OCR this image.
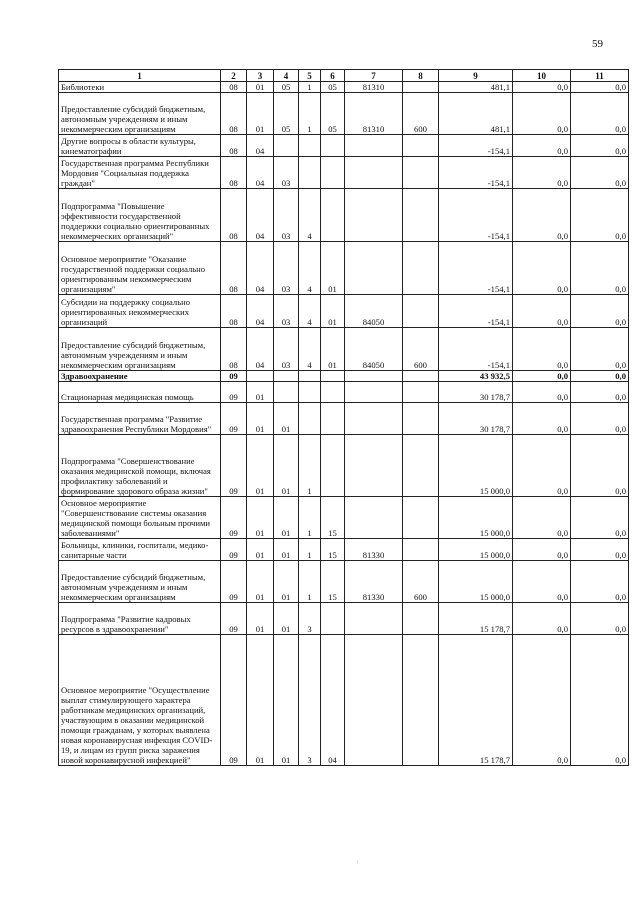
59
1	2	3	4	5	6	7	8	9	10	11
Библиотеки	08	01	05	1	05	81310		481,1	0,0	0,0
Предоставление субсидий бюджетным, автономным учреждениям и иным некоммерческим организациям	08	01	05	1	05	81310	600	481,1	0,0	0,0
Другие вопросы в области культуры, кинематографии	08	04						-154,1	0,0	0,0
Государственная программа Республики Мордовия "Социальная поддержка граждан"	08	04	03					-154,1	0,0	0,0
Подпрограмма "Повышение эффективности государственной поддержки социально ориентированных некоммерческих организаций"	08	04	03	4				-154,1	0,0	0,0
Основное мероприятие "Оказание государственной поддержки социально ориентированным некоммерческим организациям"	08	04	03	4	01			-154,1	0,0	0,0
Субсидии на поддержку социально ориентированных некоммерческих организаций	08	04	03	4	01	84050		-154,1	0,0	0,0
Предоставление субсидий бюджетным, автономным учреждениям и иным некоммерческим организациям	08	04	03	4	01	84050	600	-154,1	0,0	0,0
Здравоохранение	09							43 932,5	0,0	0,0
Стационарная медицинская помощь	09	01						30 178,7	0,0	0,0
Государственная программа "Развитие здравоохранения Республики Мордовия"	09	01	01					30 178,7	0,0	0,0
Подпрограмма "Совершенствование оказания медицинской помощи, включая профилактику заболеваний и формирование здорового образа жизни"	09	01	01	1				15 000,0	0,0	0,0
Основное мероприятие "Совершенствование системы оказания медицинской помощи больным прочими заболеваниями"	09	01	01	1	15			15 000,0	0,0	0,0
Больницы, клиники, госпитали, медико-санитарные части	09	01	01	1	15	81330		15 000,0	0,0	0,0
Предоставление субсидий бюджетным, автономным учреждениям и иным некоммерческим организациям	09	01	01	1	15	81330	600	15 000,0	0,0	0,0
Подпрограмма "Развитие кадровых ресурсов в здравоохранении"	09	01	01	3				15 178,7	0,0	0,0
Основное мероприятие "Осуществление выплат стимулирующего характера работникам медицинских организаций, участвующим в оказании медицинской помощи гражданам, у которых выявлена новая коронавирусная инфекция COVID-19, и лицам из групп риска заражения новой коронавирусной инфекцией"	09	01	01	3	04			15 178,7	0,0	0,0
·
